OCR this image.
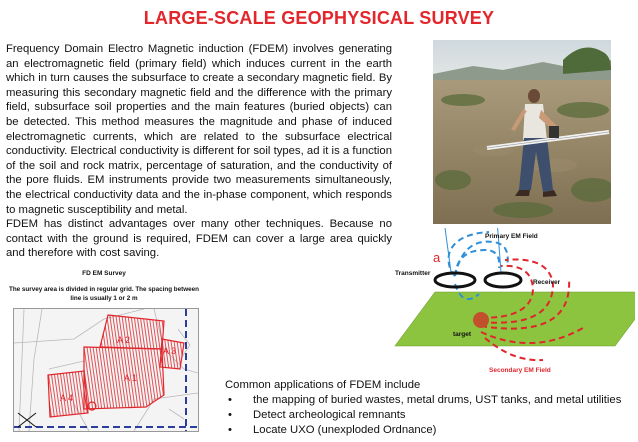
LARGE-SCALE GEOPHYSICAL SURVEY

Frequency Domain Electro Magnetic induction (FDEM) involves generating an electromagnetic field (primary field) which induces current in the earth which in turn causes the subsurface to create a secondary magnetic field. By measuring this secondary magnetic field and the difference with the primary field, subsurface soil properties and the main features (buried objects) can be detected. This method measures the magnitude and phase of induced electromagnetic currents, which are related to the subsurface electrical conductivity. Electrical conductivity is different for soil types, ad it is a function of the soil and rock matrix, percentage of saturation, and the conductivity of the pore fluids. EM instruments provide two measurements simultaneously, the electrical conductivity data and the in-phase component, which responds to magnetic susceptibility and metal.

FDEM has distinct advantages over many other techniques. Because no contact with the ground is required, FDEM can cover a large area quickly and therefore with cost saving.

FD EM Survey
The survey area is divided in regular grid. The spacing between line is usually 1 or 2 m
A 2
A 3
A 1
A 4
a
Primary EM Field
Transmitter
Receiver
target
Secondary EM Field
Common applications of FDEM include
• the mapping of buried wastes, metal drums, UST tanks, and metal utilities
• Detect archeological remnants
• Locate UXO (unexploded Ordnance)
